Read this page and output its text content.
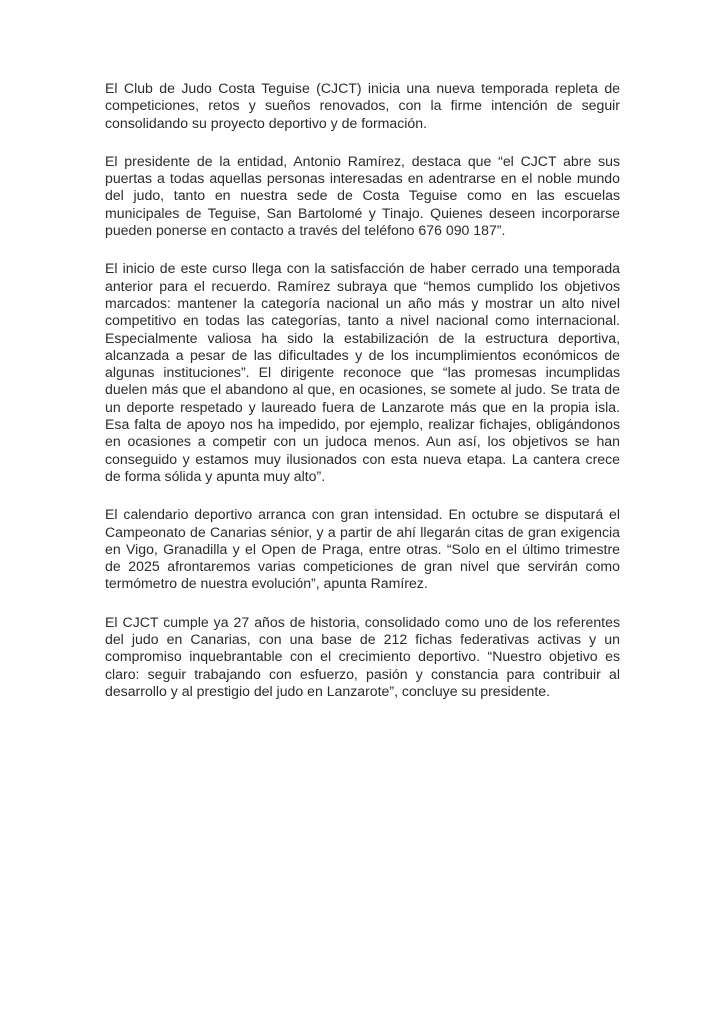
El Club de Judo Costa Teguise (CJCT) inicia una nueva temporada repleta de competiciones, retos y sueños renovados, con la firme intención de seguir consolidando su proyecto deportivo y de formación.

El presidente de la entidad, Antonio Ramírez, destaca que “el CJCT abre sus puertas a todas aquellas personas interesadas en adentrarse en el noble mundo del judo, tanto en nuestra sede de Costa Teguise como en las escuelas municipales de Teguise, San Bartolomé y Tinajo. Quienes deseen incorporarse pueden ponerse en contacto a través del teléfono 676 090 187”.

El inicio de este curso llega con la satisfacción de haber cerrado una temporada anterior para el recuerdo. Ramírez subraya que “hemos cumplido los objetivos marcados: mantener la categoría nacional un año más y mostrar un alto nivel competitivo en todas las categorías, tanto a nivel nacional como internacional. Especialmente valiosa ha sido la estabilización de la estructura deportiva, alcanzada a pesar de las dificultades y de los incumplimientos económicos de algunas instituciones”. El dirigente reconoce que “las promesas incumplidas duelen más que el abandono al que, en ocasiones, se somete al judo. Se trata de un deporte respetado y laureado fuera de Lanzarote más que en la propia isla. Esa falta de apoyo nos ha impedido, por ejemplo, realizar fichajes, obligándonos en ocasiones a competir con un judoca menos. Aun así, los objetivos se han conseguido y estamos muy ilusionados con esta nueva etapa. La cantera crece de forma sólida y apunta muy alto”.

El calendario deportivo arranca con gran intensidad. En octubre se disputará el Campeonato de Canarias sénior, y a partir de ahí llegarán citas de gran exigencia en Vigo, Granadilla y el Open de Praga, entre otras. “Solo en el último trimestre de 2025 afrontaremos varias competiciones de gran nivel que servirán como termómetro de nuestra evolución”, apunta Ramírez.

El CJCT cumple ya 27 años de historia, consolidado como uno de los referentes del judo en Canarias, con una base de 212 fichas federativas activas y un compromiso inquebrantable con el crecimiento deportivo. “Nuestro objetivo es claro: seguir trabajando con esfuerzo, pasión y constancia para contribuir al desarrollo y al prestigio del judo en Lanzarote”, concluye su presidente.
